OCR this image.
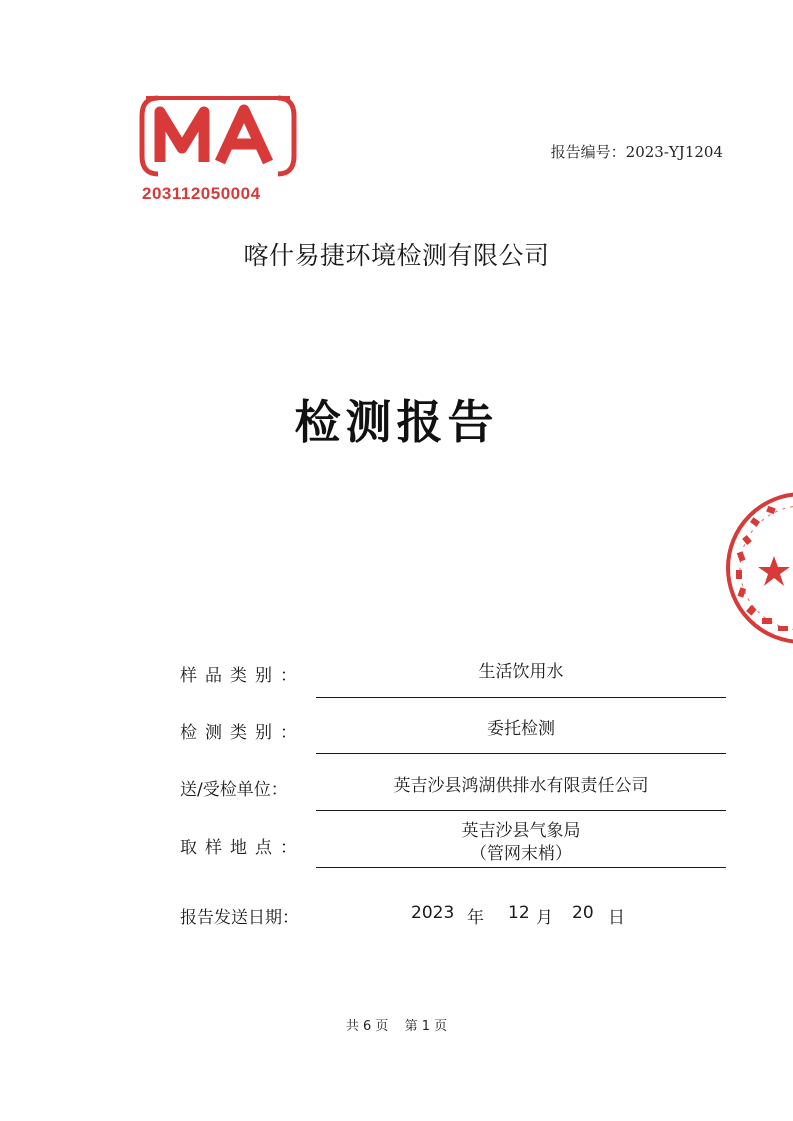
203112050004
报告编号：2023-YJ1204
喀什易捷环境检测有限公司
检测报告
样品类别：	生活饮用水
检测类别：	委托检测
送/受检单位：	英吉沙县鸿湖供排水有限责任公司
取样地点：
英吉沙县气象局
（管网末梢）
报告发送日期：	2023 年 12 月 20 日
共 6 页 第 1 页
